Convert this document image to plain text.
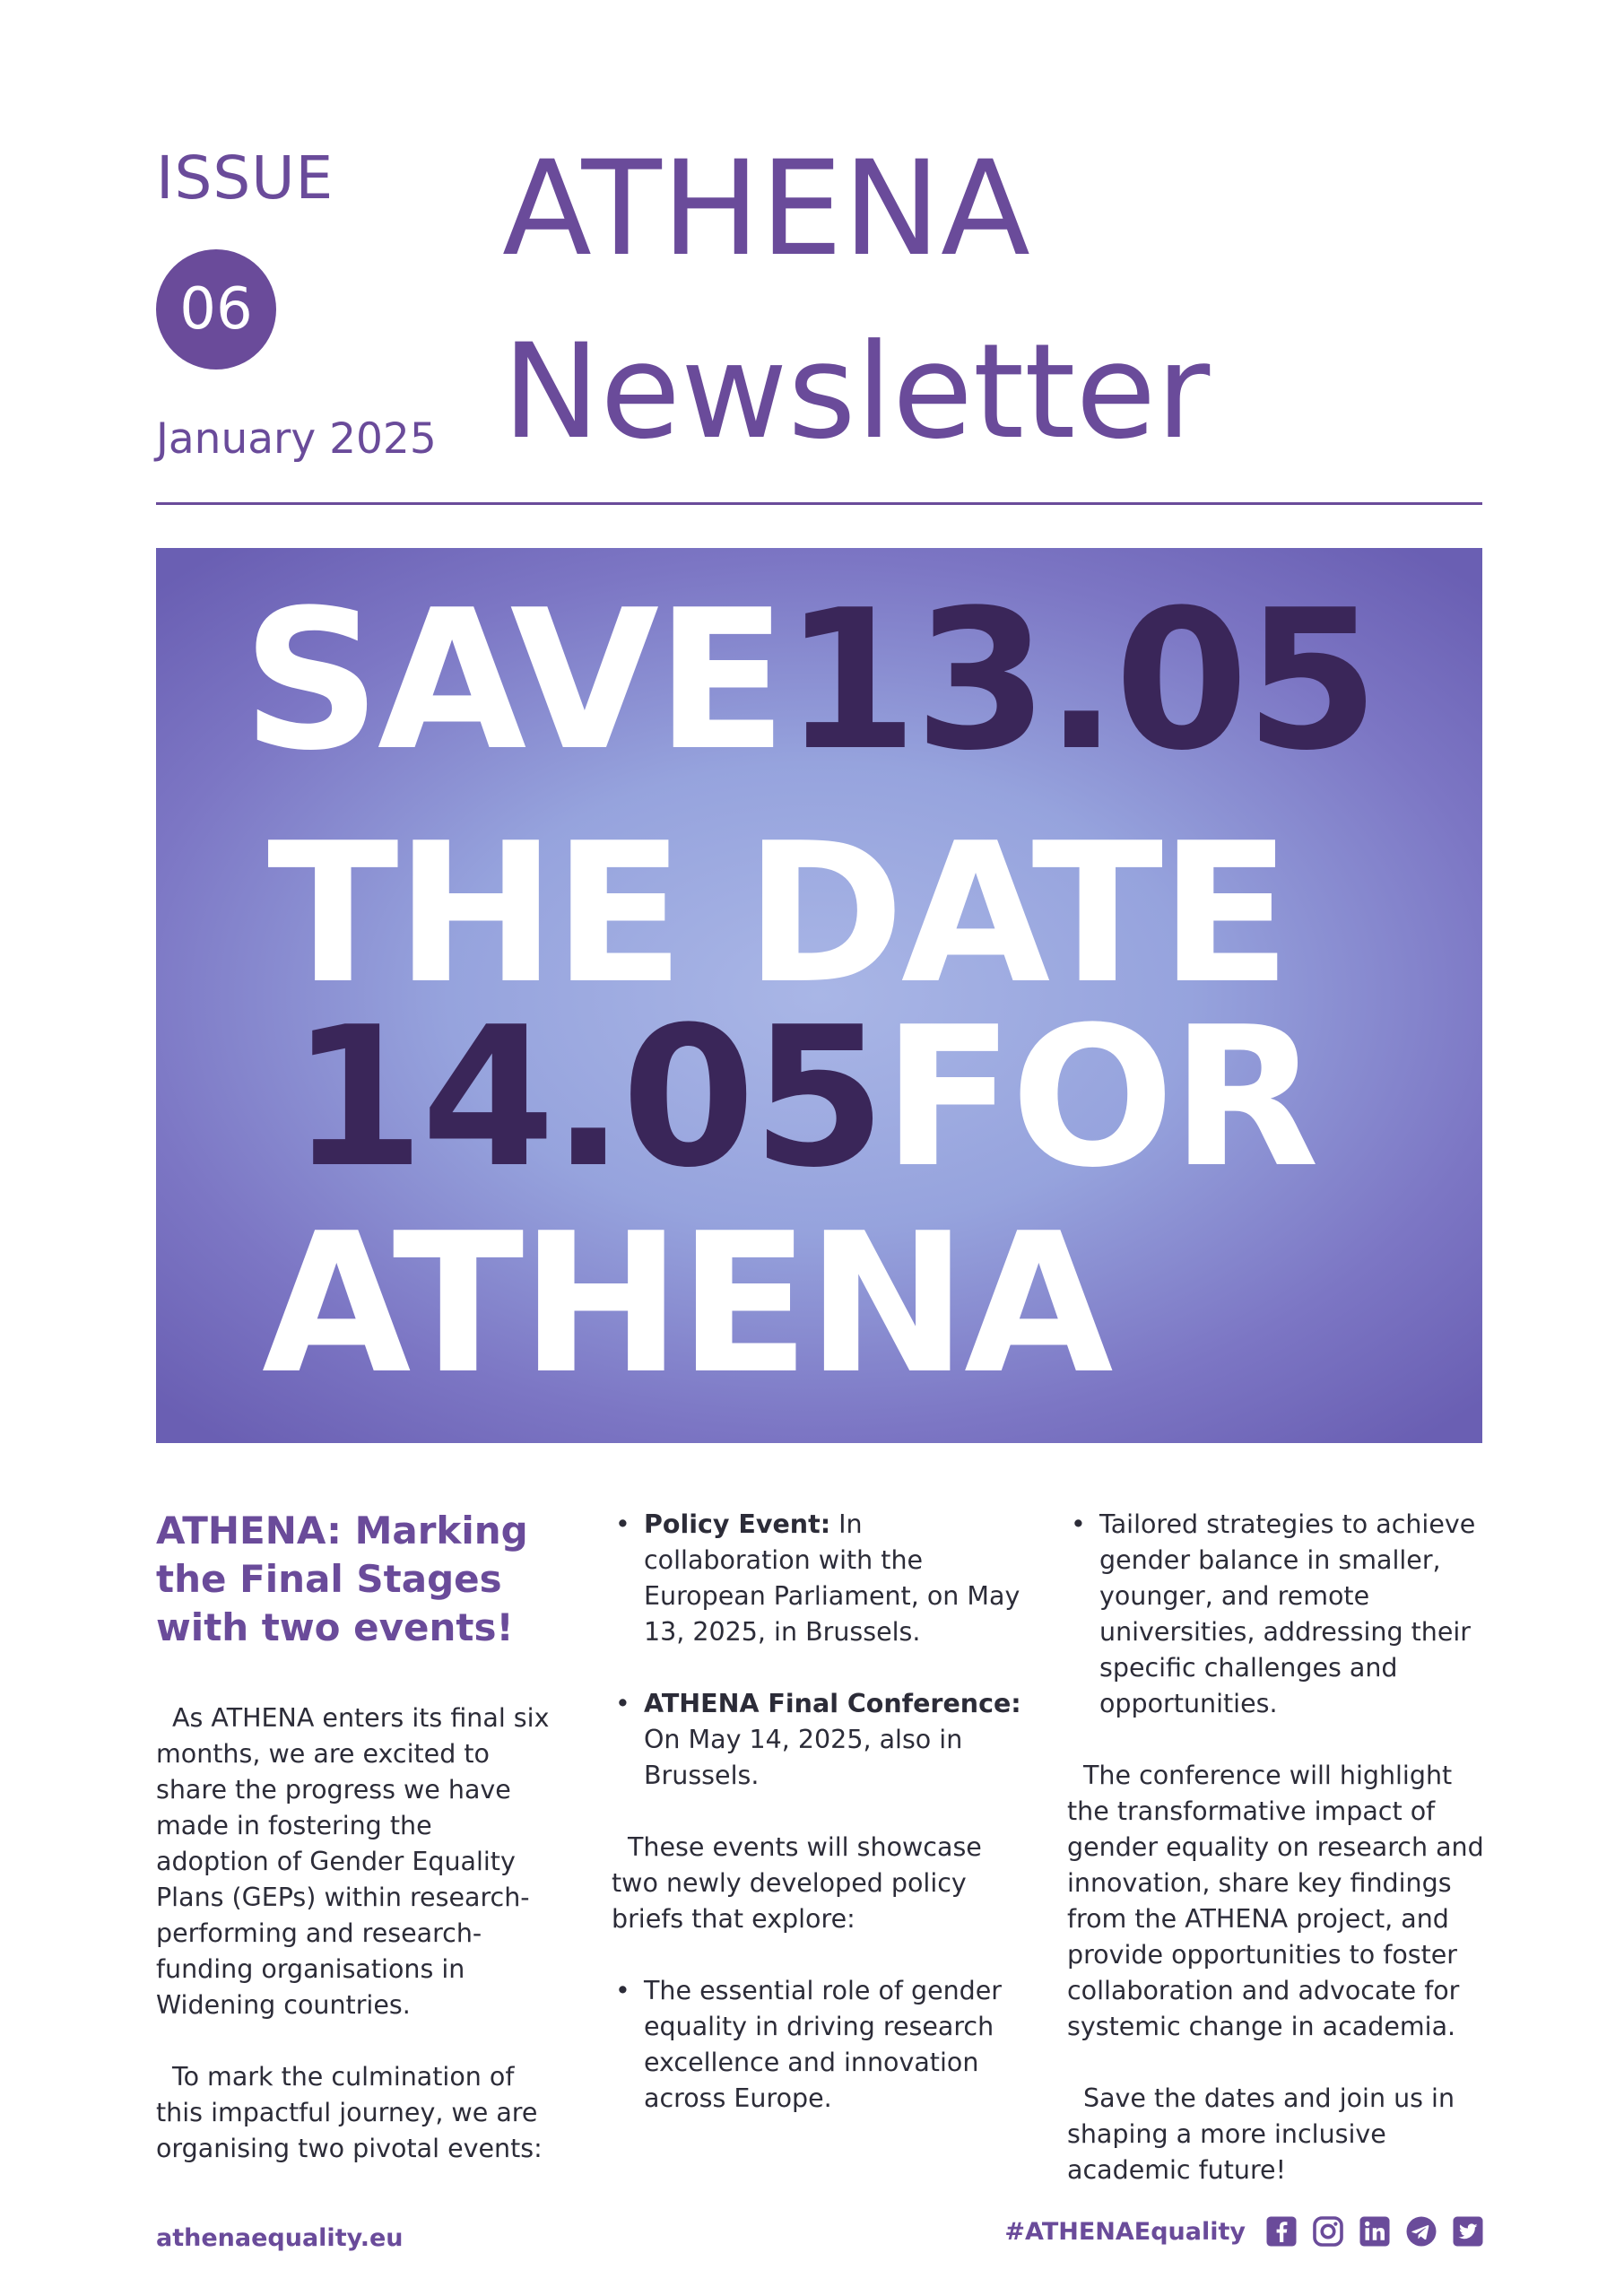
ISSUE
06
January 2025
ATHENA
Newsletter
SAVE13.05
THE DATE
14.05FOR
ATHENA
ATHENA: Marking the Final Stages with two events!

As ATHENA enters its final six months, we are excited to share the progress we have made in fostering the adoption of Gender Equality Plans (GEPs) within research-performing and research-funding organisations in Widening countries.

To mark the culmination of this impactful journey, we are organising two pivotal events:

• Policy Event: In collaboration with the European Parliament, on May 13, 2025, in Brussels.
• ATHENA Final Conference: On May 14, 2025, also in Brussels.

These events will showcase two newly developed policy briefs that explore:

• The essential role of gender equality in driving research excellence and innovation across Europe.
• Tailored strategies to achieve gender balance in smaller, younger, and remote universities, addressing their specific challenges and opportunities.

The conference will highlight the transformative impact of gender equality on research and innovation, share key findings from the ATHENA project, and provide opportunities to foster collaboration and advocate for systemic change in academia.

Save the dates and join us in shaping a more inclusive academic future!

athenaequality.eu	#ATHENAEquality
